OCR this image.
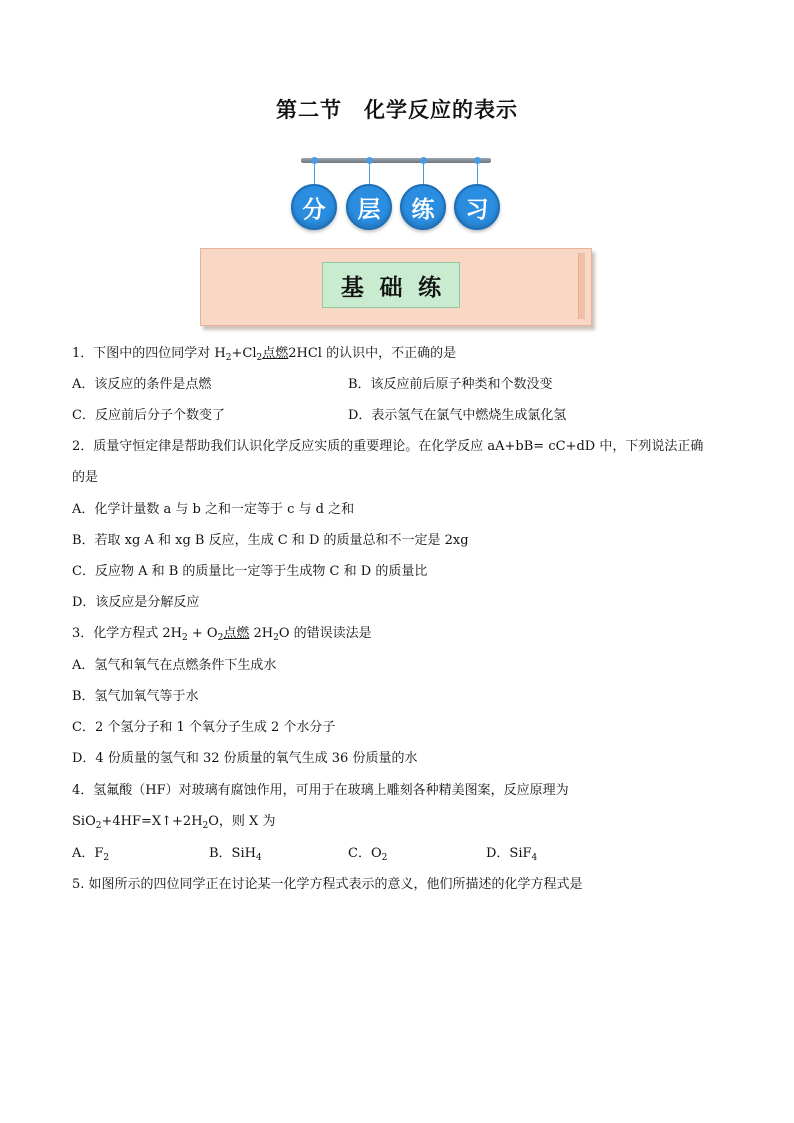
第二节　化学反应的表示
分	层	练	习
基 础 练
1．下图中的四位同学对 $H_2+Cl_2$点燃2HCl 的认识中，不正确的是
A．该反应的条件是点燃	B．该反应前后原子种类和个数没变
C．反应前后分子个数变了	D．表示氢气在氯气中燃烧生成氯化氢
2．质量守恒定律是帮助我们认识化学反应实质的重要理论。在化学反应 aA+bB= cC+dD 中，下列说法正确
的是
A．化学计量数 a 与 b 之和一定等于 c 与 d 之和
B．若取 xg A 和 xg B 反应，生成 C 和 D 的质量总和不一定是 2xg
C．反应物 A 和 B 的质量比一定等于生成物 C 和 D 的质量比
D．该反应是分解反应
3．化学方程式 $2H_2 + O_2$点燃 $2H_2O$ 的错误读法是
A．氢气和氧气在点燃条件下生成水
B．氢气加氧气等于水
C．2 个氢分子和 1 个氧分子生成 2 个水分子
D．4 份质量的氢气和 32 份质量的氧气生成 36 份质量的水
4．氢氟酸（HF）对玻璃有腐蚀作用，可用于在玻璃上雕刻各种精美图案，反应原理为
$SiO_2+4HF=X↑+2H_2O$，则 X 为
A．$F_2$	B．SiH$_4$	C．$O_2$	D．SiF$_4$
5. 如图所示的四位同学正在讨论某一化学方程式表示的意义，他们所描述的化学方程式是
